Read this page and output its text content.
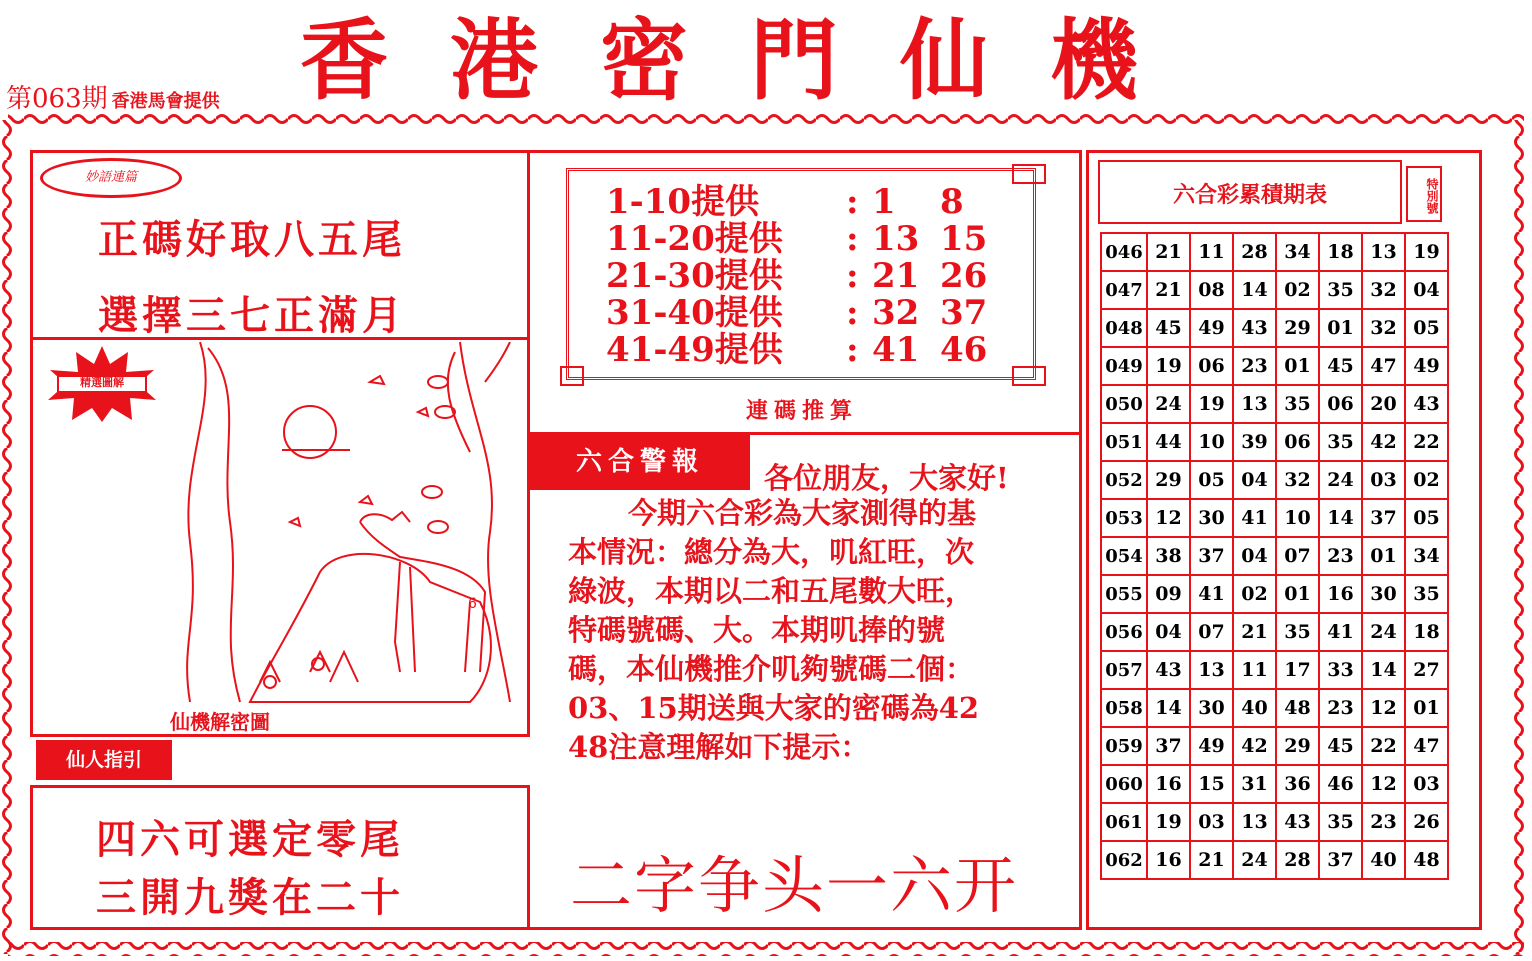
第063期 香港馬會提供 香港密門仙機
妙語連篇
正碼好取八五尾
選擇三七正滿月
精選圖解
6
仙機解密圖
仙人指引
四六可選定零尾
三開九獎在二十
1-10提供	: 1 8
11-20提供 : 13 15
21-30提供 : 21 26
31-40提供 : 32 37
41-49提供 : 41 46
連碼推算
六合警報	各位朋友，大家好!
今期六合彩為大家測得的基
本情況：總分為大，叽紅旺，次
綠波，本期以二和五尾數大旺，
特碼號碼、大。本期叽捧的號
碼，本仙機推介叽夠號碼二個：
03、15期送與大家的密碼為42
48注意理解如下提示：
二字争头一六开
六合彩累積期表	特別號
046	21	11	28	34	18	13	19
047	21	08	14	02	35	32	04
048	45	49	43	29	01	32	05
049	19	06	23	01	45	47	49
050	24	19	13	35	06	20	43
051	44	10	39	06	35	42	22
052	29	05	04	32	24	03	02
053	12	30	41	10	14	37	05
054	38	37	04	07	23	01	34
055	09	41	02	01	16	30	35
056	04	07	21	35	41	24	18
057	43	13	11	17	33	14	27
058	14	30	40	48	23	12	01
059	37	49	42	29	45	22	47
060	16	15	31	36	46	12	03
061	19	03	13	43	35	23	26
062	16	21	24	28	37	40	48
